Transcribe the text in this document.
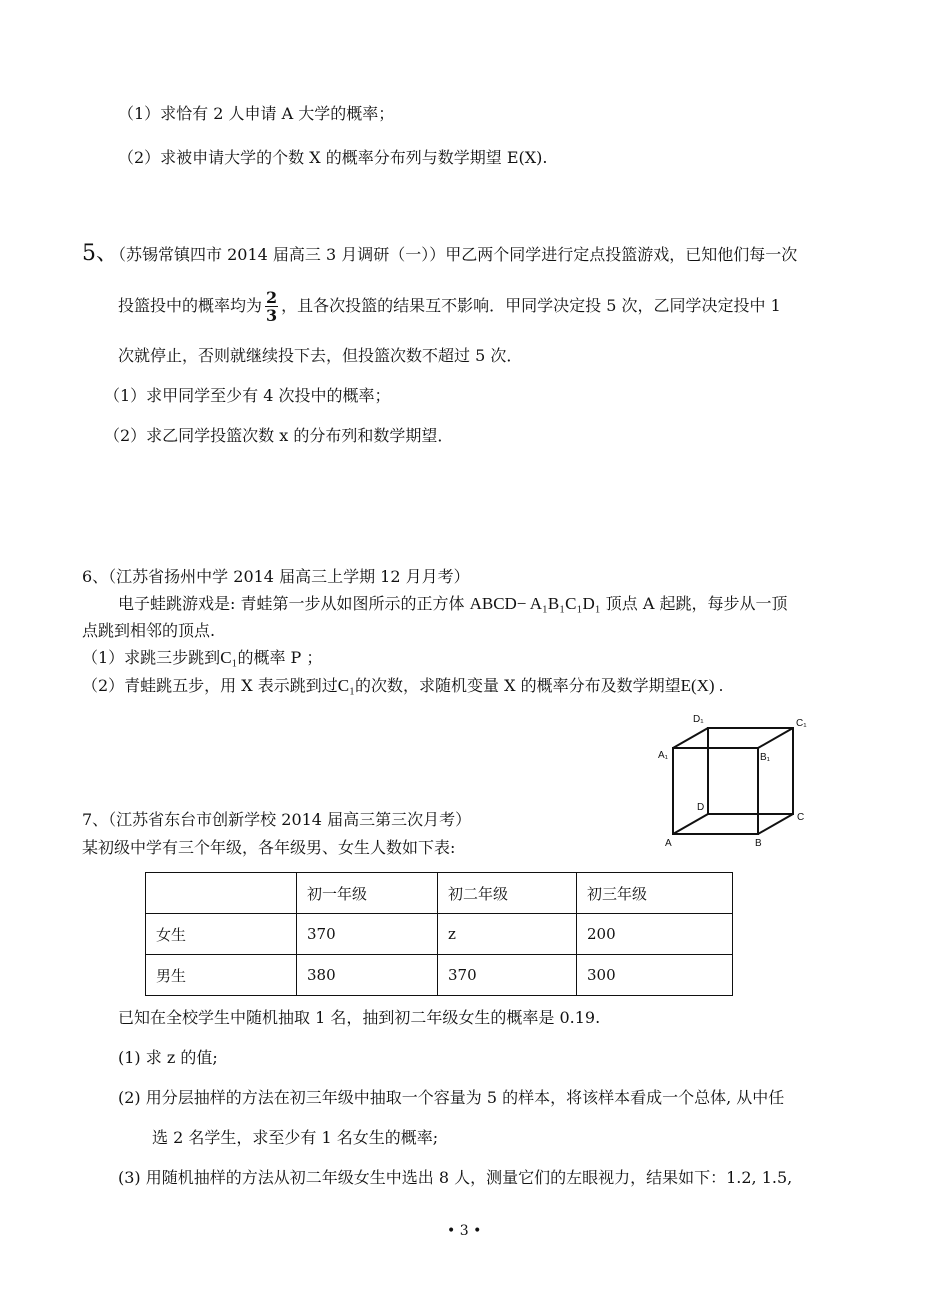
（1）求恰有 2 人申请 A 大学的概率；
（2）求被申请大学的个数 X 的概率分布列与数学期望 E(X).
5、（苏锡常镇四市 2014 届高三 3 月调研（一））甲乙两个同学进行定点投篮游戏，已知他们每一次
投篮投中的概率均为 $\frac{2}{3}$ ，且各次投篮的结果互不影响．甲同学决定投 5 次，乙同学决定投中 1
次就停止，否则就继续投下去，但投篮次数不超过 5 次．
（1）求甲同学至少有 4 次投中的概率；
（2）求乙同学投篮次数 x 的分布列和数学期望．
6、（江苏省扬州中学 2014 届高三上学期 12 月月考）
电子蛙跳游戏是: 青蛙第一步从如图所示的正方体 ABCD− A₁B₁C₁D₁ 顶点 A 起跳，每步从一顶
点跳到相邻的顶点.
（1）求跳三步跳到C₁的概率 P ；
（2）青蛙跳五步，用 X 表示跳到过C₁的次数，求随机变量 X 的概率分布及数学期望E(X) .
D₁	C₁
A₁	B₁
D
C
A	B
7、（江苏省东台市创新学校 2014 届高三第三次月考）
某初级中学有三个年级，各年级男、女生人数如下表:
	初一年级	初二年级	初三年级
女生	370	z	200
男生	380	370	300
已知在全校学生中随机抽取 1 名，抽到初二年级女生的概率是 0.19.
(1) 求 z 的值;
(2) 用分层抽样的方法在初三年级中抽取一个容量为 5 的样本，将该样本看成一个总体, 从中任
选 2 名学生，求至少有 1 名女生的概率;
(3) 用随机抽样的方法从初二年级女生中选出 8 人，测量它们的左眼视力，结果如下：1.2, 1.5,
• 3 •
